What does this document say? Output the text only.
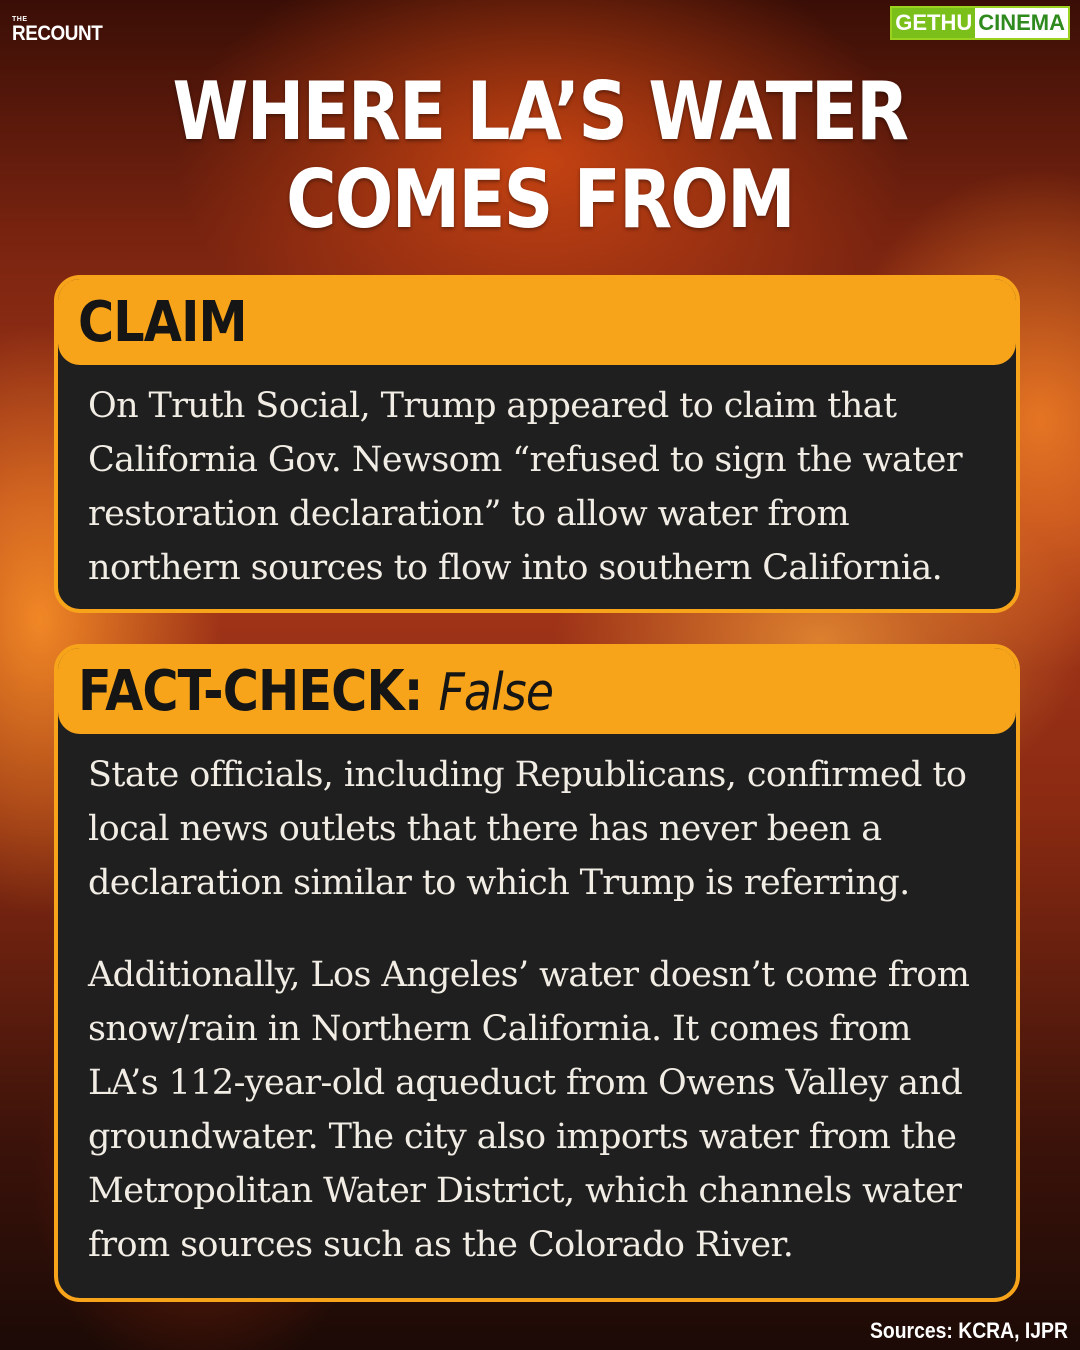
THE
RECOUNT	GETHU CINEMA
WHERE LA’S WATER
COMES FROM
CLAIM

On Truth Social, Trump appeared to claim that California Gov. Newsom “refused to sign the water restoration declaration” to allow water from northern sources to flow into southern California.

FACT-CHECK: False

State officials, including Republicans, confirmed to local news outlets that there has never been a declaration similar to which Trump is referring.

Additionally, Los Angeles’ water doesn’t come from snow/rain in Northern California. It comes from LA’s 112-year-old aqueduct from Owens Valley and groundwater. The city also imports water from the Metropolitan Water District, which channels water from sources such as the Colorado River.

Sources: KCRA, IJPR
